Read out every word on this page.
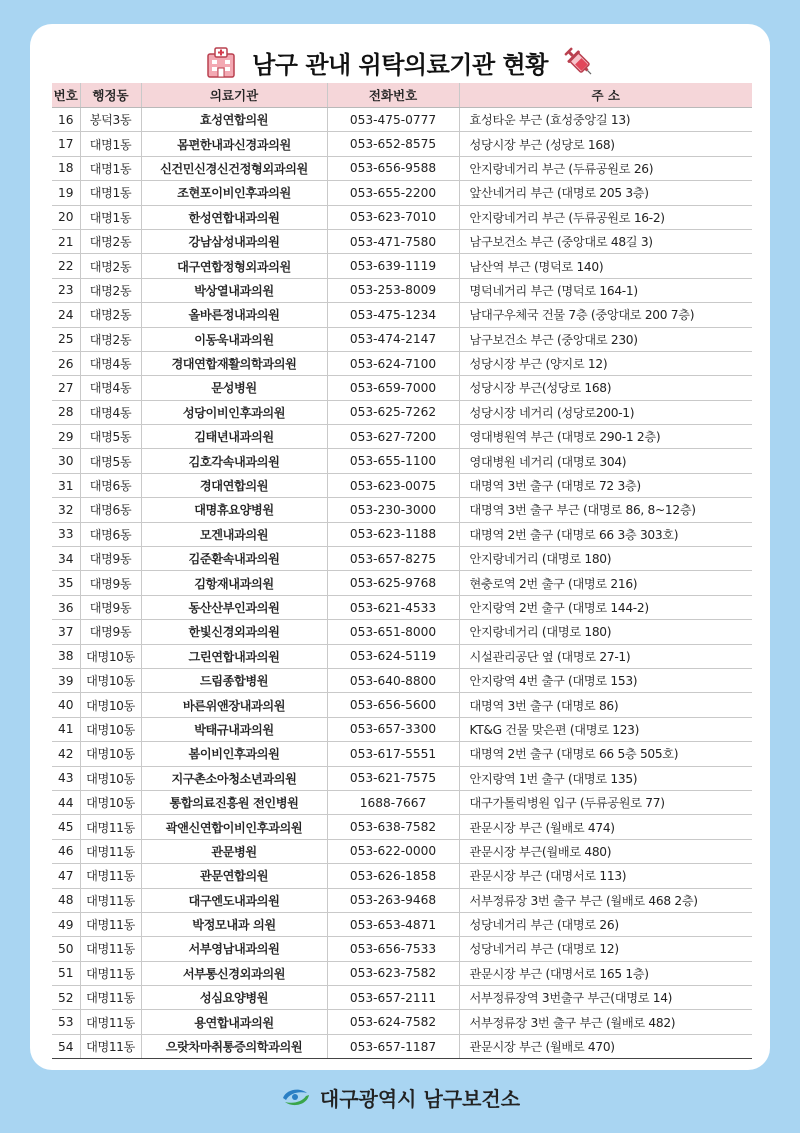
남구 관내 위탁의료기관 현황
번호	행정동	의료기관	전화번호	주 소
16	봉덕3동	효성연합의원	053-475-0777	효성타운 부근 (효성중앙길 13)
17	대명1동	몸편한내과신경과의원	053-652-8575	성당시장 부근 (성당로 168)
18	대명1동	신건민신경신건정형외과의원	053-656-9588	안지랑네거리 부근 (두류공원로 26)
19	대명1동	조현포이비인후과의원	053-655-2200	앞산네거리 부근 (대명로 205 3층)
20	대명1동	한성연합내과의원	053-623-7010	안지랑네거리 부근 (두류공원로 16-2)
21	대명2동	강남삼성내과의원	053-471-7580	남구보건소 부근 (중앙대로 48길 3)
22	대명2동	대구연합정형외과의원	053-639-1119	남산역 부근 (명덕로 140)
23	대명2동	박상열내과의원	053-253-8009	명덕네거리 부근 (명덕로 164-1)
24	대명2동	올바른정내과의원	053-475-1234	남대구우체국 건물 7층 (중앙대로 200 7층)
25	대명2동	이동욱내과의원	053-474-2147	남구보건소 부근 (중앙대로 230)
26	대명4동	경대연합재활의학과의원	053-624-7100	성당시장 부근 (양지로 12)
27	대명4동	문성병원	053-659-7000	성당시장 부근(성당로 168)
28	대명4동	성당이비인후과의원	053-625-7262	성당시장 네거리 (성당로200-1)
29	대명5동	김태년내과의원	053-627-7200	영대병원역 부근 (대명로 290-1 2층)
30	대명5동	김호각속내과의원	053-655-1100	영대병원 네거리 (대명로 304)
31	대명6동	경대연합의원	053-623-0075	대명역 3번 출구 (대명로 72 3층)
32	대명6동	대명휴요양병원	053-230-3000	대명역 3번 출구 부근 (대명로 86, 8~12층)
33	대명6동	모겐내과의원	053-623-1188	대명역 2번 출구 (대명로 66 3층 303호)
34	대명9동	김준환속내과의원	053-657-8275	안지랑네거리 (대명로 180)
35	대명9동	김항재내과의원	053-625-9768	현충로역 2번 출구 (대명로 216)
36	대명9동	동산산부인과의원	053-621-4533	안지랑역 2번 출구 (대명로 144-2)
37	대명9동	한빛신경외과의원	053-651-8000	안지랑네거리 (대명로 180)
38	대명10동	그린연합내과의원	053-624-5119	시설관리공단 옆 (대명로 27-1)
39	대명10동	드림종합병원	053-640-8800	안지랑역 4번 출구 (대명로 153)
40	대명10동	바른위앤장내과의원	053-656-5600	대명역 3번 출구 (대명로 86)
41	대명10동	박태규내과의원	053-657-3300	KT&G 건물 맞은편 (대명로 123)
42	대명10동	봄이비인후과의원	053-617-5551	대명역 2번 출구 (대명로 66 5층 505호)
43	대명10동	지구촌소아청소년과의원	053-621-7575	안지랑역 1번 출구 (대명로 135)
44	대명10동	통합의료진흥원 전인병원	1688-7667	대구가톨릭병원 입구 (두류공원로 77)
45	대명11동	곽앤신연합이비인후과의원	053-638-7582	관문시장 부근 (월배로 474)
46	대명11동	관문병원	053-622-0000	관문시장 부근(월배로 480)
47	대명11동	관문연합의원	053-626-1858	관문시장 부근 (대명서로 113)
48	대명11동	대구엔도내과의원	053-263-9468	서부정류장 3번 출구 부근 (월배로 468 2층)
49	대명11동	박정모내과 의원	053-653-4871	성당네거리 부근 (대명로 26)
50	대명11동	서부영남내과의원	053-656-7533	성당네거리 부근 (대명로 12)
51	대명11동	서부통신경외과의원	053-623-7582	관문시장 부근 (대명서로 165 1층)
52	대명11동	성심요양병원	053-657-2111	서부정류장역 3번출구 부근(대명로 14)
53	대명11동	용연합내과의원	053-624-7582	서부정류장 3번 출구 부근 (월배로 482)
54	대명11동	으랏차마취통증의학과의원	053-657-1187	관문시장 부근 (월배로 470)
대구광역시 남구보건소
